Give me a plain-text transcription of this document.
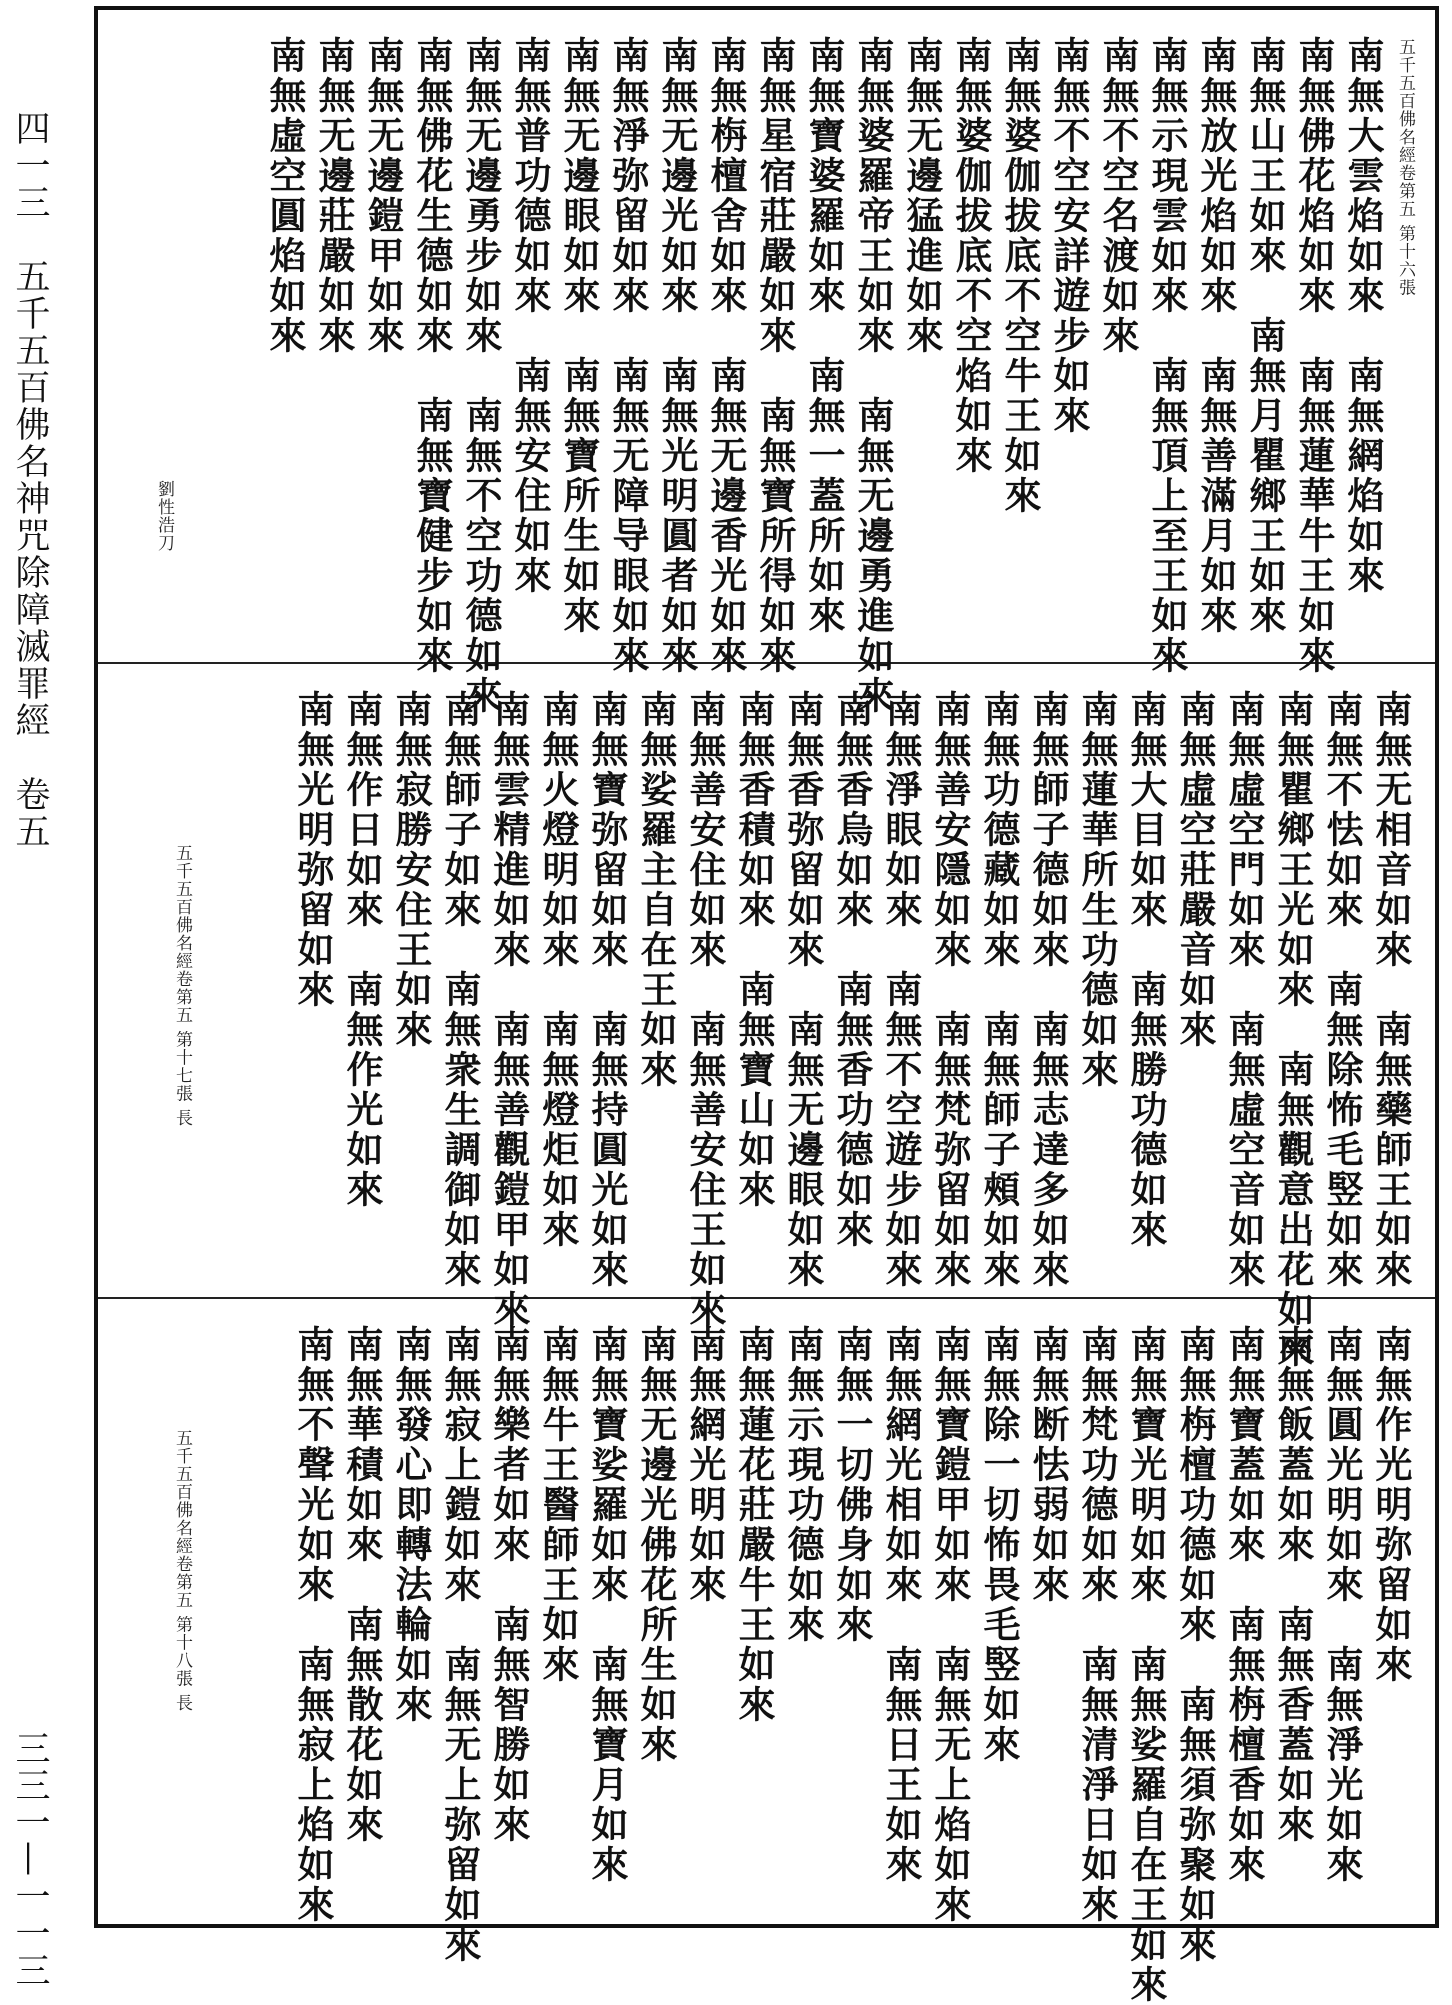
四一三　五千五百佛名神咒除障滅罪經　卷五
三三一—一一三
五千五百佛名經卷第五 第十六張
南無大雲焰如來　南無網焰如來
南無佛花焰如來　南無蓮華牛王如來
南無山王如來　南無月瞿鄉王如來
南無放光焰如來　南無善滿月如來
南無示現雲如來　南無頂上至王如來
南無不空名渡如來
南無不空安詳遊步如來
南無婆伽拔底不空牛王如來
南無婆伽拔底不空焰如來
南無无邊猛進如來
南無婆羅帝王如來　南無无邊勇進如來
南無寶婆羅如來　南無一蓋所如來
南無星宿莊嚴如來　南無寶所得如來
南無栴檀舍如來　南無无邊香光如來
南無无邊光如來　南無光明圓者如來
南無淨弥留如來　南無无障导眼如來
南無无邊眼如來　南無寶所生如來
南無普功德如來　南無安住如來
南無无邊勇步如來　南無不空功德如來
南無佛花生德如來　南無寶健步如來
南無无邊鎧甲如來
南無无邊莊嚴如來
南無虛空圓焰如來
劉性浩刀
南無无相音如來　南無藥師王如來
南無不怯如來　南無除怖毛竪如來
南無瞿鄉王光如來　南無觀意出花如來
南無虛空門如來　南無虛空音如來
南無虛空莊嚴音如來
南無大目如來　南無勝功德如來
南無蓮華所生功德如來
南無師子德如來　南無志達多如來
南無功德藏如來　南無師子頰如來
南無善安隱如來　南無梵弥留如來
南無淨眼如來　南無不空遊步如來
南無香烏如來　南無香功德如來
南無香弥留如來　南無无邊眼如來
南無香積如來　南無寶山如來
南無善安住如來　南無善安住王如來
南無娑羅主自在王如來
南無寶弥留如來　南無持圓光如來
南無火燈明如來　南無燈炬如來
南無雲精進如來　南無善觀鎧甲如來
南無師子如來　南無衆生調御如來
南無寂勝安住王如來
南無作日如來　南無作光如來
南無光明弥留如來
五千五百佛名經卷第五 第十七張 長
南無作光明弥留如來
南無圓光明如來　南無淨光如來
南無飯蓋如來　南無香蓋如來
南無寶蓋如來　南無栴檀香如來
南無栴檀功德如來　南無須弥聚如來
南無寶光明如來　南無娑羅自在王如來
南無梵功德如來　南無清淨日如來
南無断怯弱如來
南無除一切怖畏毛竪如來
南無寶鎧甲如來　南無无上焰如來
南無網光相如來　南無日王如來
南無一切佛身如來
南無示現功德如來
南無蓮花莊嚴牛王如來
南無網光明如來
南無无邊光佛花所生如來
南無寶娑羅如來　南無寶月如來
南無牛王醫師王如來
南無樂者如來　南無智勝如來
南無寂上鎧如來　南無无上弥留如來
南無發心即轉法輪如來
南無華積如來　南無散花如來
南無不聲光如來　南無寂上焰如來
五千五百佛名經卷第五 第十八張 長
